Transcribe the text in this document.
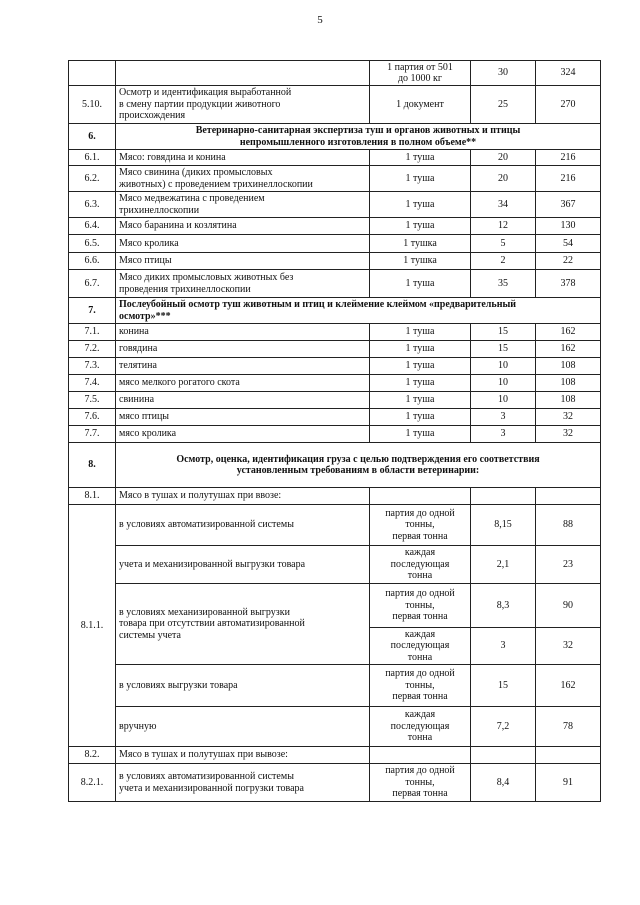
5
		1 партия от 501
до 1000 кг	30	324
5.10.	Осмотр и идентификация выработанной
в смену партии продукции животного
происхождения	1 документ	25	270
6.	Ветеринарно-санитарная экспертиза туш и органов животных и птицы
непромышленного изготовления в полном объеме**			
6.1.	Мясо: говядина и конина	1 туша	20	216
6.2.	Мясо свинина (диких промысловых
животных) с проведением трихинеллоскопии	1 туша	20	216
6.3.	Мясо медвежатина с проведением
трихинеллоскопии	1 туша	34	367
6.4.	Мясо баранина и козлятина	1 туша	12	130
6.5.	Мясо кролика	1 тушка	5	54
6.6.	Мясо птицы	1 тушка	2	22
6.7.	Мясо диких промысловых животных без
проведения трихинеллоскопии	1 туша	35	378
7.	Послеубойный осмотр туш животным и птиц и клеймение клеймом «предварительный
осмотр»***			
7.1.	конина	1 туша	15	162
7.2.	говядина	1 туша	15	162
7.3.	телятина	1 туша	10	108
7.4.	мясо мелкого рогатого скота	1 туша	10	108
7.5.	свинина	1 туша	10	108
7.6.	мясо птицы	1 туша	3	32
7.7.	мясо кролика	1 туша	3	32
8.	Осмотр, оценка, идентификация груза с целью подтверждения его соответствия
установленным требованиям в области ветеринарии:			
8.1.	Мясо в тушах и полутушах при ввозе:			
8.1.1.	в условиях автоматизированной системы	партия до одной
тонны,
первая тонна	8,15	88
	учета и механизированной выгрузки товара	каждая
последующая
тонна	2,1	23
	в условиях механизированной выгрузки
товара при отсутствии автоматизированной
системы учета	партия до одной
тонны,
первая тонна	8,3	90
		каждая
последующая
тонна	3	32
	в условиях выгрузки товара	партия до одной
тонны,
первая тонна	15	162
	вручную	каждая
последующая
тонна	7,2	78
8.2.	Мясо в тушах и полутушах при вывозе:			
8.2.1.	в условиях автоматизированной системы
учета и механизированной погрузки товара	партия до одной
тонны,
первая тонна	8,4	91
